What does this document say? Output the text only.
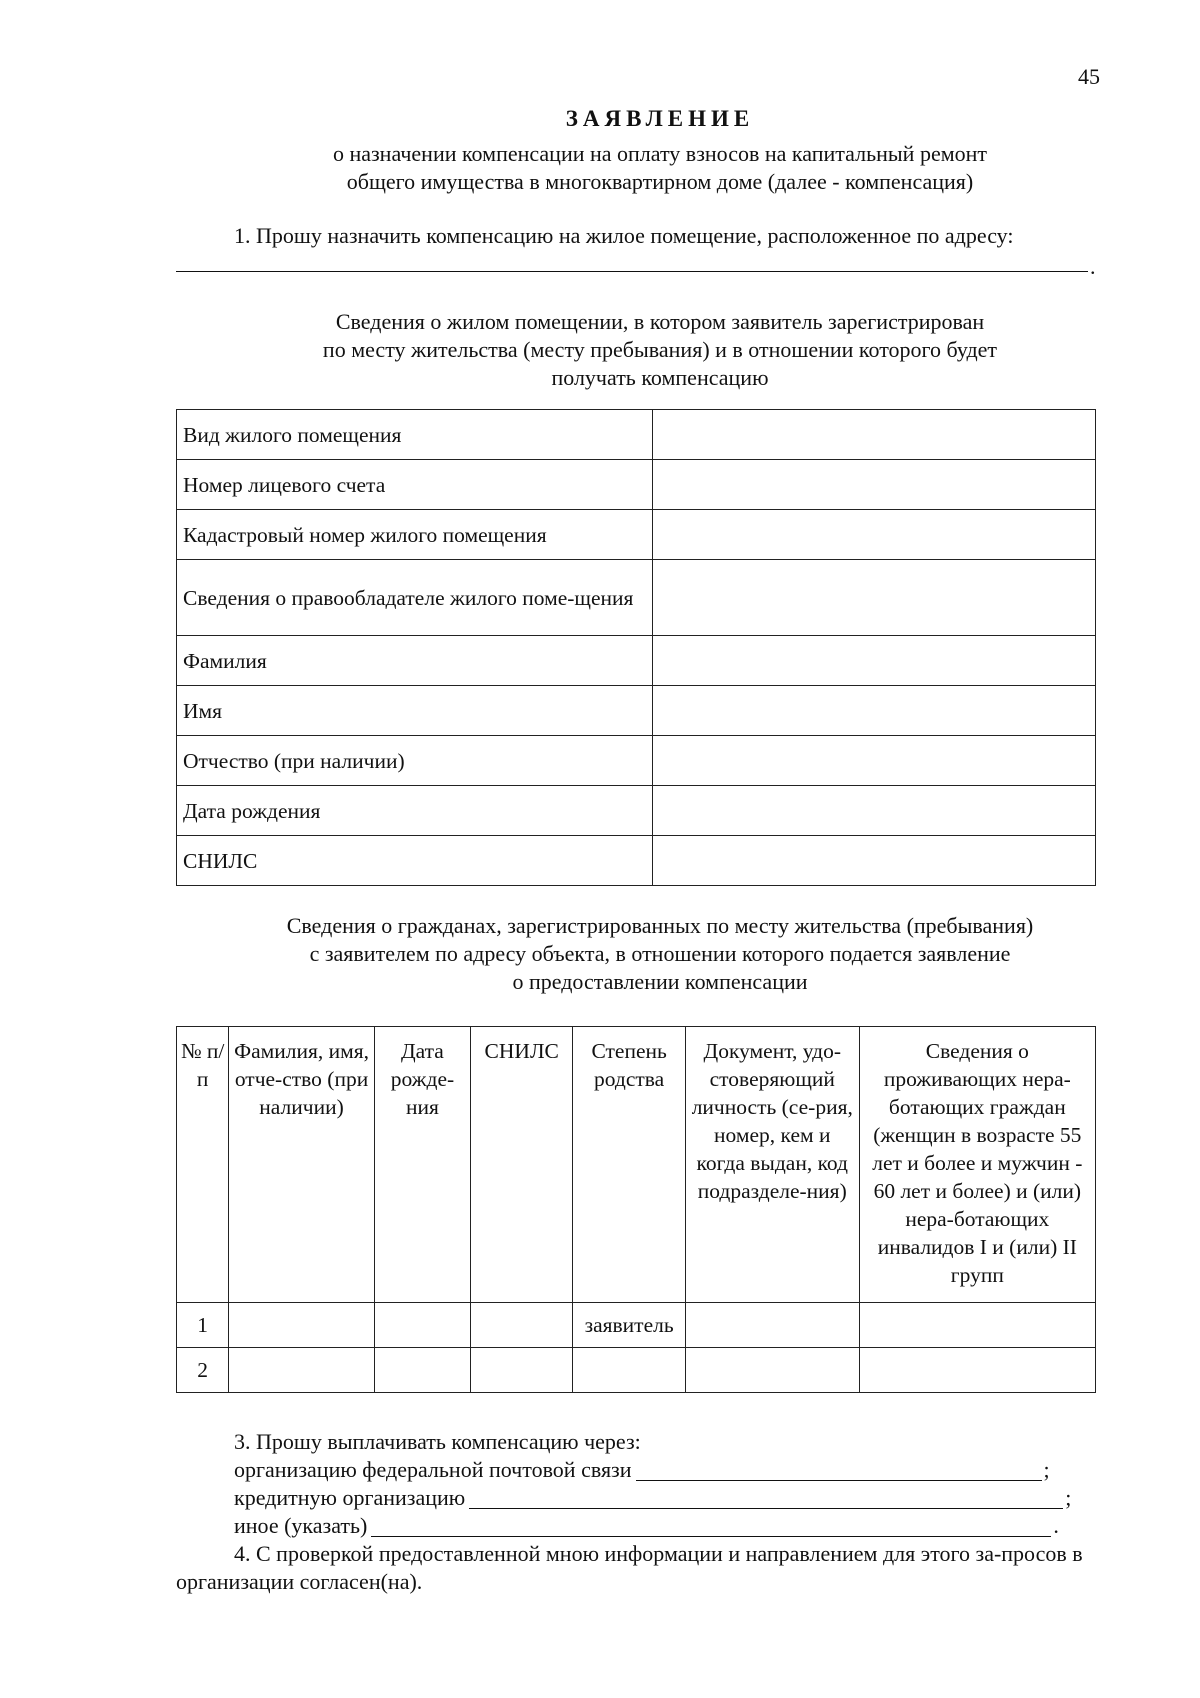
45
ЗАЯВЛЕНИЕ
о назначении компенсации на оплату взносов на капитальный ремонт
общего имущества в многоквартирном доме (далее - компенсация)
1. Прошу назначить компенсацию на жилое помещение, расположенное по адресу:
.
Сведения о жилом помещении, в котором заявитель зарегистрирован
по месту жительства (месту пребывания) и в отношении которого будет
получать компенсацию
Вид жилого помещения	
Номер лицевого счета	
Кадастровый номер жилого помещения	
Сведения о правообладателе жилого поме-щения	
Фамилия	
Имя	
Отчество (при наличии)	
Дата рождения	
СНИЛС	
Сведения о гражданах, зарегистрированных по месту жительства (пребывания)
с заявителем по адресу объекта, в отношении которого подается заявление
о предоставлении компенсации
№ п/п	Фамилия, имя, отче-ство (при наличии)	Дата рожде-ния	СНИЛС	Степень родства	Документ, удо-стоверяющий личность (се-рия, номер, кем и когда выдан, код подразделе-ния)	Сведения о проживающих нера-ботающих граждан (женщин в возрасте 55 лет и более и мужчин - 60 лет и более) и (или) нера-ботающих инвалидов I и (или) II групп
1				заявитель		
2						
3. Прошу выплачивать компенсацию через:
организацию федеральной почтовой связи	;
кредитную организацию	;
иное (указать)	.
4. С проверкой предоставленной мною информации и направлением для этого за-просов в организации согласен(на).
